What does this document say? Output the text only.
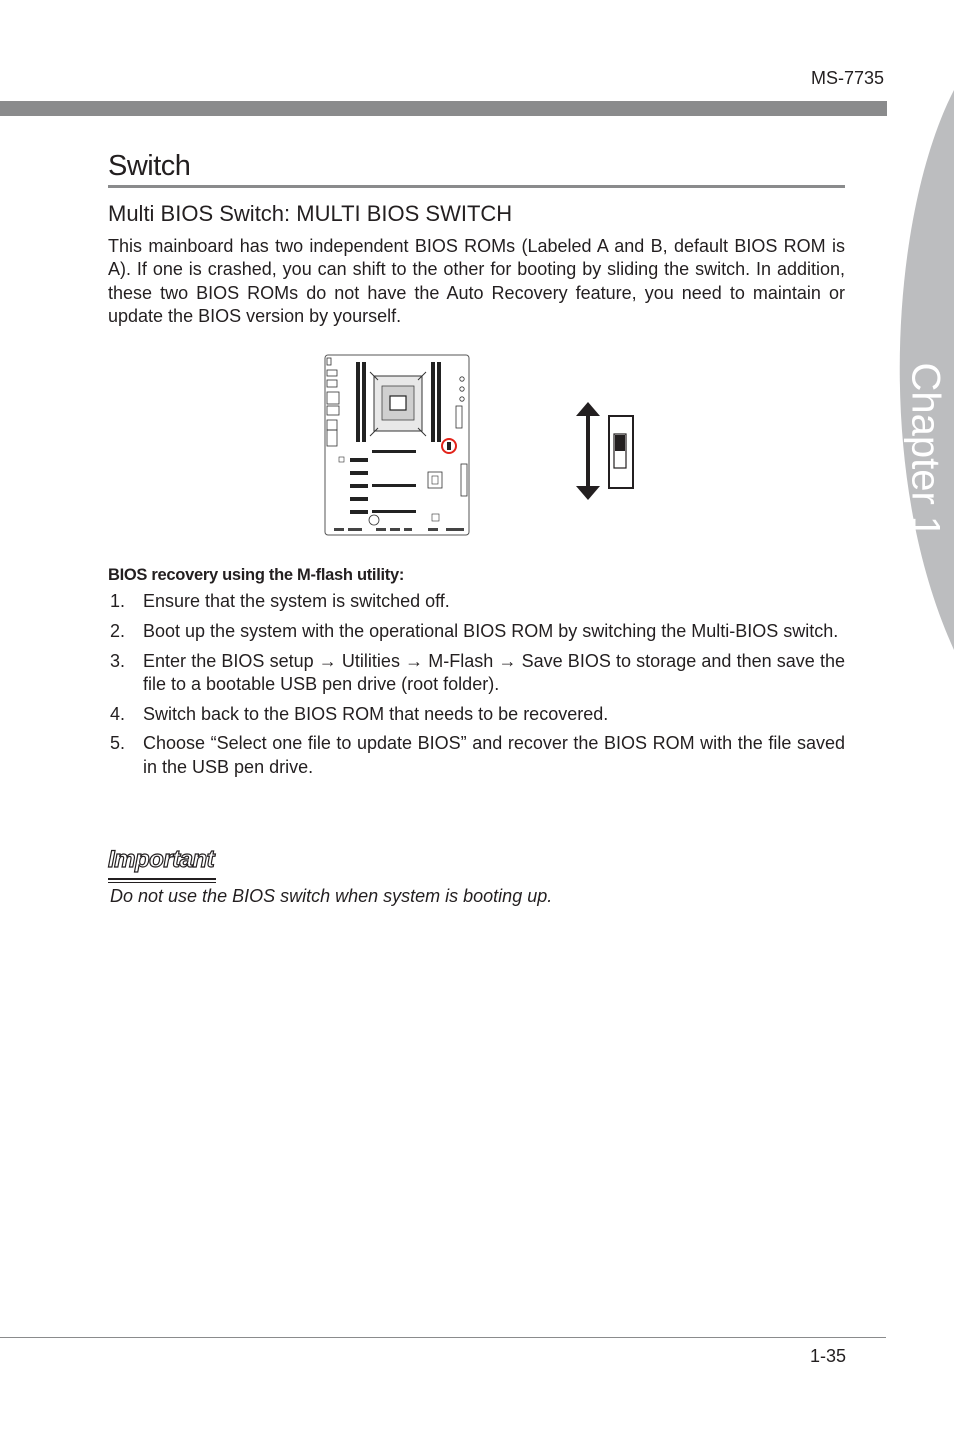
MS-7735
Switch
Multi BIOS Switch: MULTI BIOS SWITCH

This mainboard has two independent BIOS ROMs (Labeled A and B, default BIOS ROM is A). If one is crashed, you can shift to the other for booting by sliding the switch. In addition, these two BIOS ROMs do not have the Auto Recovery feature, you need to maintain or update the BIOS version by yourself.

BIOS recovery using the M-flash utility:
1. Ensure that the system is switched off.
2. Boot up the system with the operational BIOS ROM by switching the Multi-BIOS switch.
3. Enter the BIOS setup → Utilities → M-Flash → Save BIOS to storage and then save the file to a bootable USB pen drive (root folder).
4. Switch back to the BIOS ROM that needs to be recovered.
5. Choose “Select one file to update BIOS” and recover the BIOS ROM with the file saved in the USB pen drive.
Important

Do not use the BIOS switch when system is booting up.

1-35
